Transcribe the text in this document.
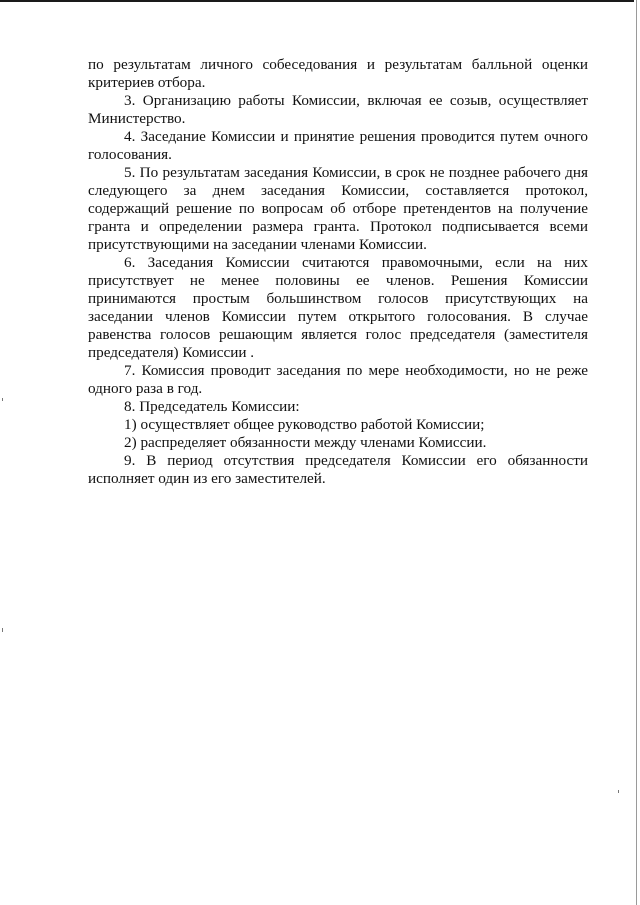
по результатам личного собеседования и результатам балльной оценки критериев отбора.

3. Организацию работы Комиссии, включая ее созыв, осуществляет Министерство.

4. Заседание Комиссии и принятие решения проводится путем очного голосования.

5. По результатам заседания Комиссии, в срок не позднее рабочего дня следующего за днем заседания Комиссии, составляется протокол, содержащий решение по вопросам об отборе претендентов на получение гранта и определении размера гранта. Протокол подписывается всеми присутствующими на заседании членами Комиссии.

6. Заседания Комиссии считаются правомочными, если на них присутствует не менее половины ее членов. Решения Комиссии принимаются простым большинством голосов присутствующих на заседании членов Комиссии путем открытого голосования. В случае равенства голосов решающим является голос председателя (заместителя председателя) Комиссии .

7. Комиссия проводит заседания по мере необходимости, но не реже одного раза в год.

8. Председатель Комиссии:

1) осуществляет общее руководство работой Комиссии;

2) распределяет обязанности между членами Комиссии.

9. В период отсутствия председателя Комиссии его обязанности исполняет один из его заместителей.
